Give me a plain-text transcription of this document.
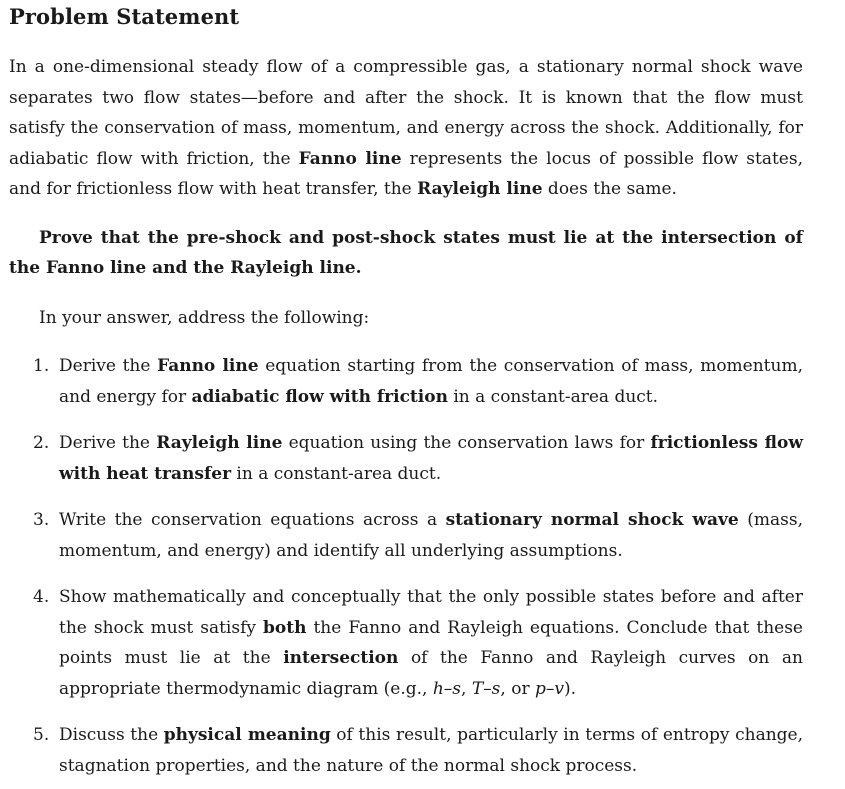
Problem Statement

In a one-dimensional steady flow of a compressible gas, a stationary normal shock wave separates two flow states—before and after the shock. It is known that the flow must satisfy the conservation of mass, momentum, and energy across the shock. Additionally, for adiabatic flow with friction, the Fanno line represents the locus of possible flow states, and for frictionless flow with heat transfer, the Rayleigh line does the same.

Prove that the pre-shock and post-shock states must lie at the intersection of the Fanno line and the Rayleigh line.

In your answer, address the following:

1. Derive the Fanno line equation starting from the conservation of mass, momentum, and energy for adiabatic flow with friction in a constant-area duct.
2. Derive the Rayleigh line equation using the conservation laws for frictionless flow with heat transfer in a constant-area duct.
3. Write the conservation equations across a stationary normal shock wave (mass, momentum, and energy) and identify all underlying assumptions.
4. Show mathematically and conceptually that the only possible states before and after the shock must satisfy both the Fanno and Rayleigh equations. Conclude that these points must lie at the intersection of the Fanno and Rayleigh curves on an appropriate thermodynamic diagram (e.g., h–s, T–s, or p–v).
5. Discuss the physical meaning of this result, particularly in terms of entropy change, stagnation properties, and the nature of the normal shock process.
